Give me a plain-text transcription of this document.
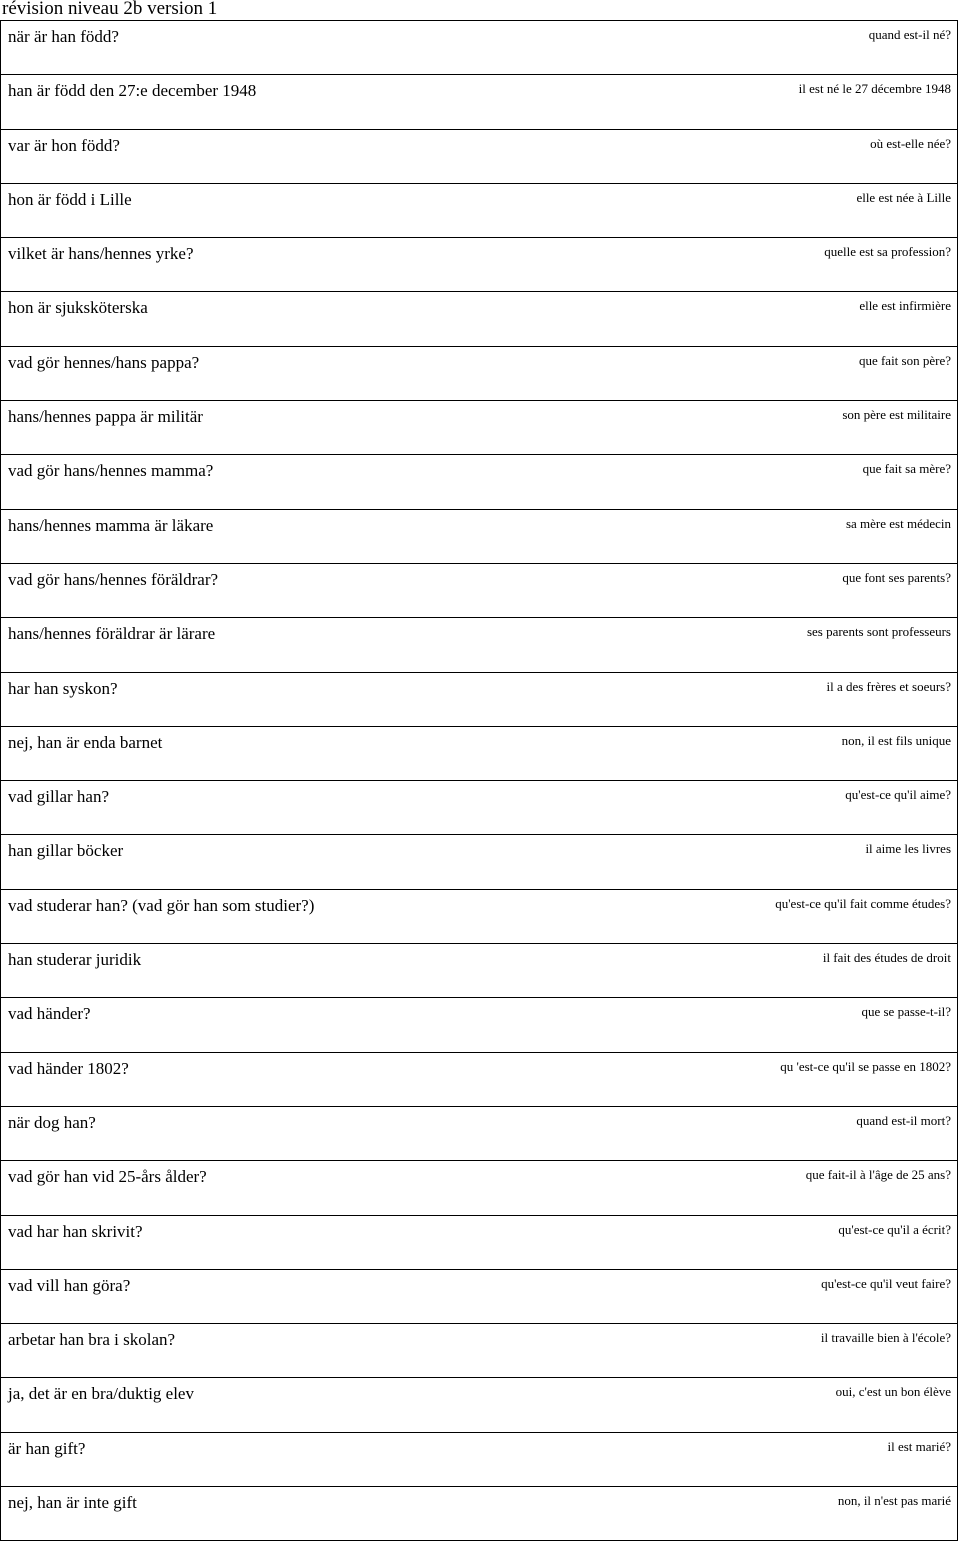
révision niveau 2b version 1
när är han född?	quand est-il né?
han är född den 27:e december 1948	il est né le 27 décembre 1948
var är hon född?	où est-elle née?
hon är född i Lille	elle est née à Lille
vilket är hans/hennes yrke?	quelle est sa profession?
hon är sjuksköterska	elle est infirmière
vad gör hennes/hans pappa?	que fait son père?
hans/hennes pappa är militär	son père est militaire
vad gör hans/hennes mamma?	que fait sa mère?
hans/hennes mamma är läkare	sa mère est médecin
vad gör hans/hennes föräldrar?	que font ses parents?
hans/hennes föräldrar är lärare	ses parents sont professeurs
har han syskon?	il a des frères et soeurs?
nej, han är enda barnet	non, il est fils unique
vad gillar han?	qu'est-ce qu'il aime?
han gillar böcker	il aime les livres
vad studerar han? (vad gör han som studier?)	qu'est-ce qu'il fait comme études?
han studerar juridik	il fait des études de droit
vad händer?	que se passe-t-il?
vad händer 1802?	qu 'est-ce qu'il se passe en 1802?
när dog han?	quand est-il mort?
vad gör han vid 25-års ålder?	que fait-il à l'âge de 25 ans?
vad har han skrivit?	qu'est-ce qu'il a écrit?
vad vill han göra?	qu'est-ce qu'il veut faire?
arbetar han bra i skolan?	il travaille bien à l'école?
ja, det är en bra/duktig elev	oui, c'est un bon élève
är han gift?	il est marié?
nej, han är inte gift	non, il n'est pas marié
